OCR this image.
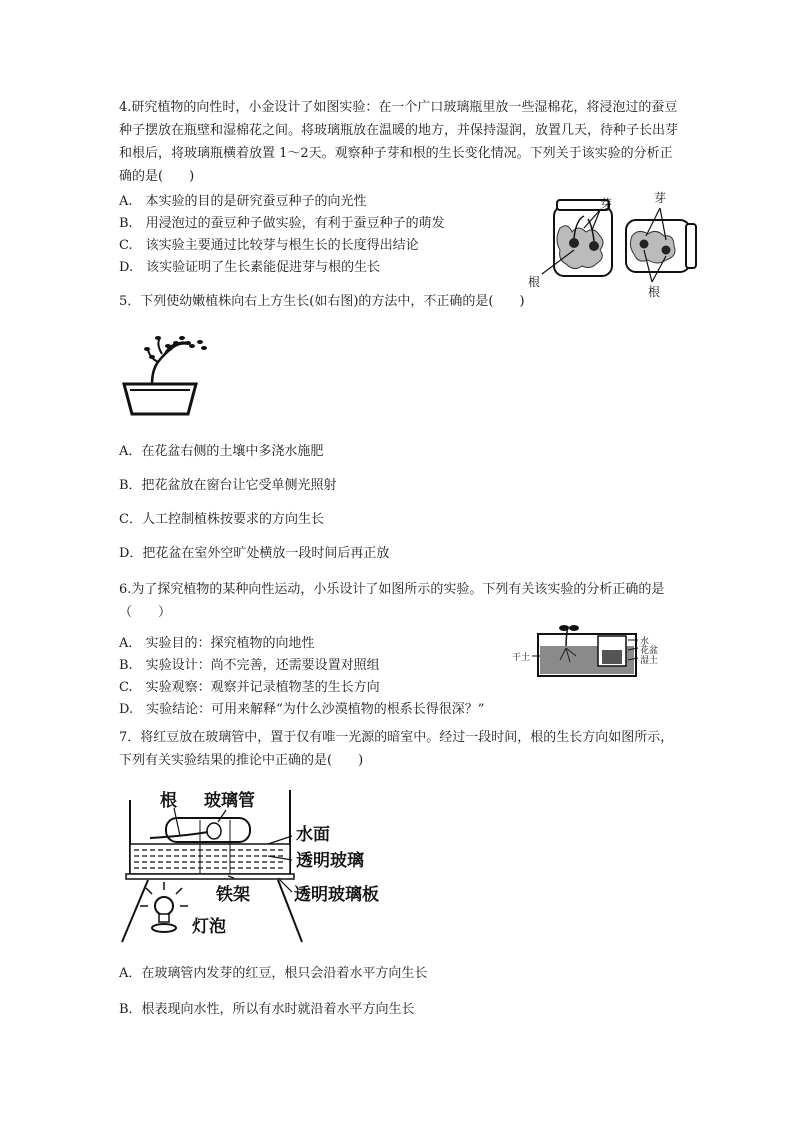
4.研究植物的向性时，小金设计了如图实验：在一个广口玻璃瓶里放一些湿棉花，将浸泡过的蚕豆种子摆放在瓶壁和湿棉花之间。将玻璃瓶放在温暖的地方，并保持湿润，放置几天，待种子长出芽和根后，将玻璃瓶横着放置 1～2天。观察种子芽和根的生长变化情况。下列关于该实验的分析正确的是(　　)
A.　本实验的目的是研究蚕豆种子的向光性
B.　用浸泡过的蚕豆种子做实验，有利于蚕豆种子的萌发
C.　该实验主要通过比较芽与根生长的长度得出结论
D.　该实验证明了生长素能促进芽与根的生长
芽	芽
根
根
5．下列使幼嫩植株向右上方生长(如右图)的方法中，不正确的是(　　)
A．在花盆右侧的土壤中多浇水施肥
B．把花盆放在窗台让它受单侧光照射
C．人工控制植株按要求的方向生长
D．把花盆在室外空旷处横放一段时间后再正放
6.为了探究植物的某种向性运动，小乐设计了如图所示的实验。下列有关该实验的分析正确的是（　　）
A.　实验目的：探究植物的向地性
B.　实验设计：尚不完善，还需要设置对照组
C.　实验观察：观察并记录植物茎的生长方向
D.　实验结论：可用来解释“为什么沙漠植物的根系长得很深？”
干土
水
花盆
湿土
7．将红豆放在玻璃管中，置于仅有唯一光源的暗室中。经过一段时间，根的生长方向如图所示，下列有关实验结果的推论中正确的是(　　)
根 玻璃管
水面
透明玻璃
铁架	透明玻璃板
灯泡
A．在玻璃管内发芽的红豆，根只会沿着水平方向生长
B．根表现向水性，所以有水时就沿着水平方向生长
